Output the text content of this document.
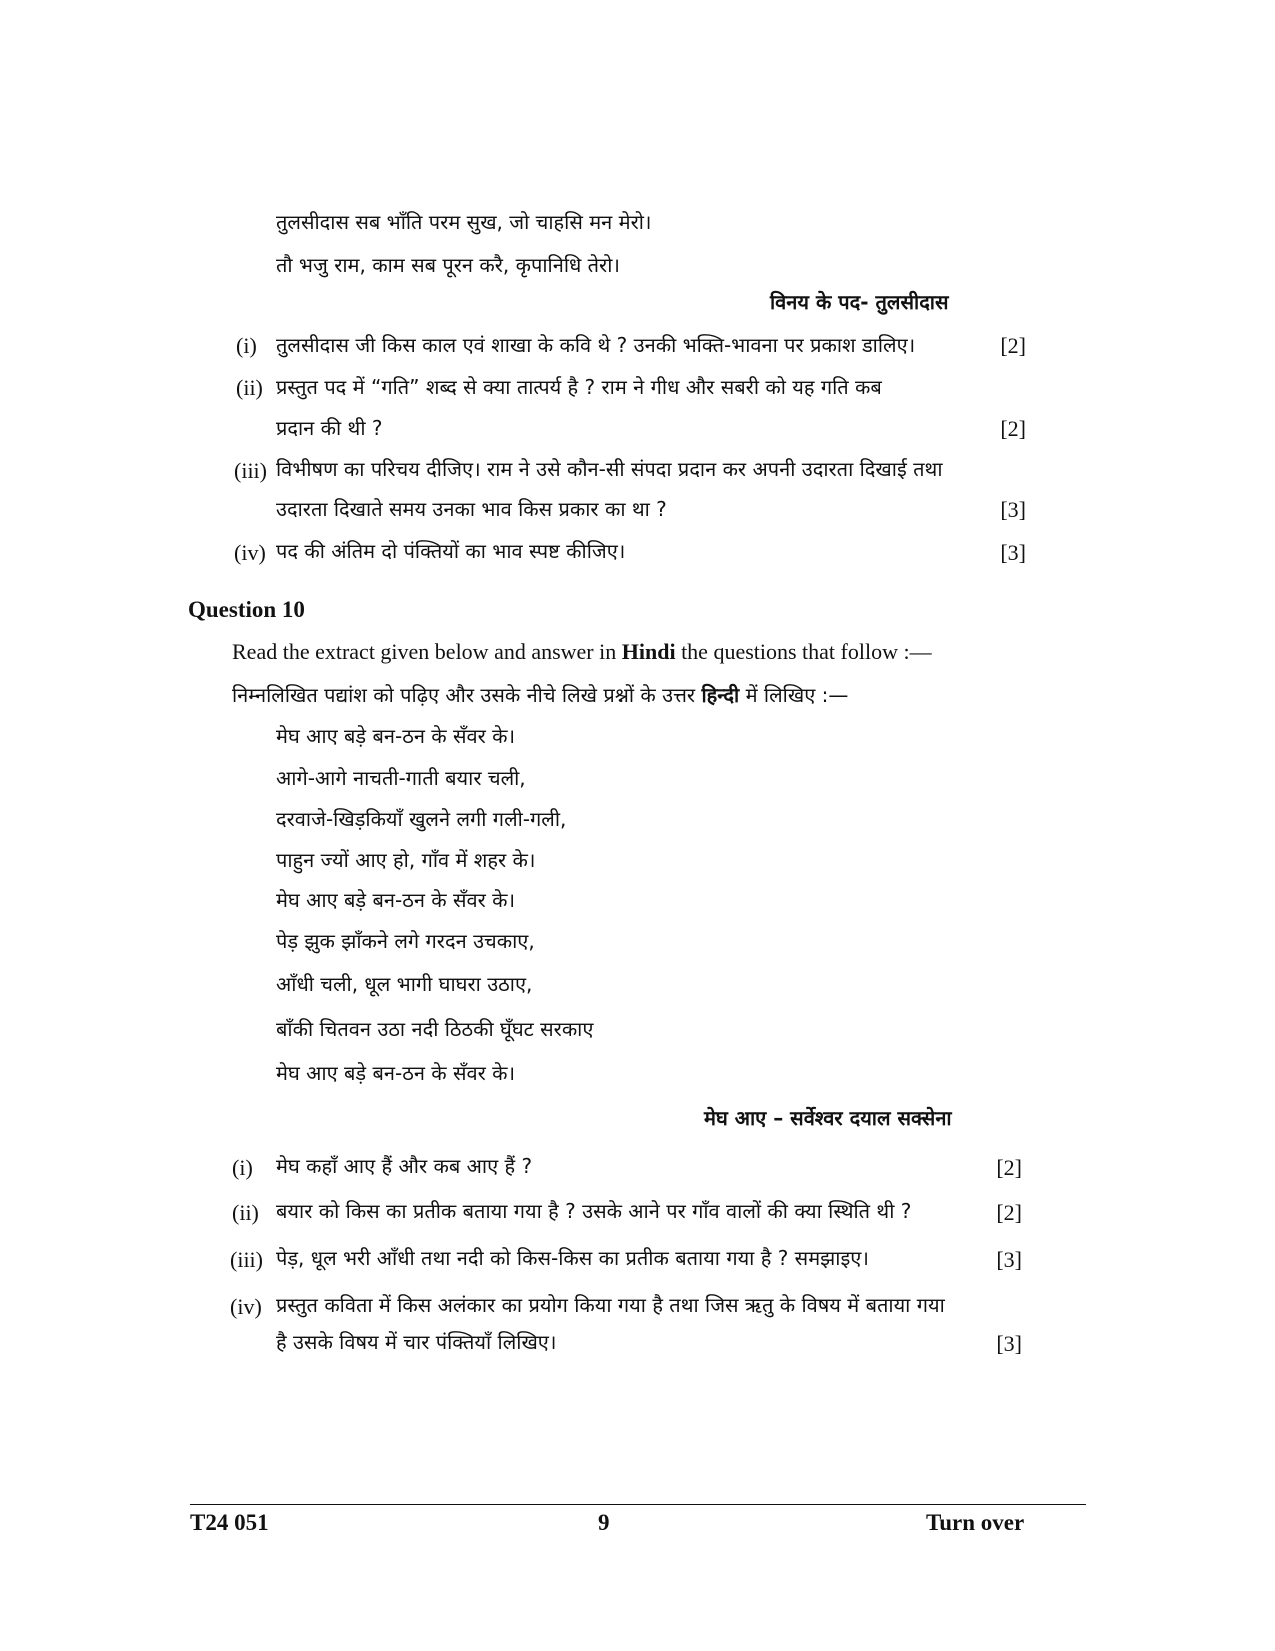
तुलसीदास सब भाँति परम सुख, जो चाहसि मन मेरो।
तौ भजु राम, काम सब पूरन करै, कृपानिधि तेरो।
विनय के पद- तुलसीदास
(i) तुलसीदास जी किस काल एवं शाखा के कवि थे ? उनकी भक्ति-भावना पर प्रकाश डालिए।	[2]
(ii) प्रस्तुत पद में “गति” शब्द से क्या तात्पर्य है ? राम ने गीध और सबरी को यह गति कब
प्रदान की थी ?	[2]
(iii) विभीषण का परिचय दीजिए। राम ने उसे कौन-सी संपदा प्रदान कर अपनी उदारता दिखाई तथा
उदारता दिखाते समय उनका भाव किस प्रकार का था ?	[3]
(iv) पद की अंतिम दो पंक्तियों का भाव स्पष्ट कीजिए।	[3]
Question 10
Read the extract given below and answer in Hindi the questions that follow :—
निम्नलिखित पद्यांश को पढ़िए और उसके नीचे लिखे प्रश्नों के उत्तर हिन्दी में लिखिए :—
मेघ आए बड़े बन-ठन के सँवर के।
आगे-आगे नाचती-गाती बयार चली,
दरवाजे-खिड़कियाँ खुलने लगी गली-गली,
पाहुन ज्यों आए हो, गाँव में शहर के।
मेघ आए बड़े बन-ठन के सँवर के।
पेड़ झुक झाँकने लगे गरदन उचकाए,
आँधी चली, धूल भागी घाघरा उठाए,
बाँकी चितवन उठा नदी ठिठकी घूँघट सरकाए
मेघ आए बड़े बन-ठन के सँवर के।
मेघ आए – सर्वेश्वर दयाल सक्सेना
(i) मेघ कहाँ आए हैं और कब आए हैं ?	[2]
(ii) बयार को किस का प्रतीक बताया गया है ? उसके आने पर गाँव वालों की क्या स्थिति थी ?	[2]
(iii) पेड़, धूल भरी आँधी तथा नदी को किस-किस का प्रतीक बताया गया है ? समझाइए।	[3]
(iv) प्रस्तुत कविता में किस अलंकार का प्रयोग किया गया है तथा जिस ऋतु के विषय में बताया गया
है उसके विषय में चार पंक्तियाँ लिखिए।	[3]
T24 051	9	Turn over
